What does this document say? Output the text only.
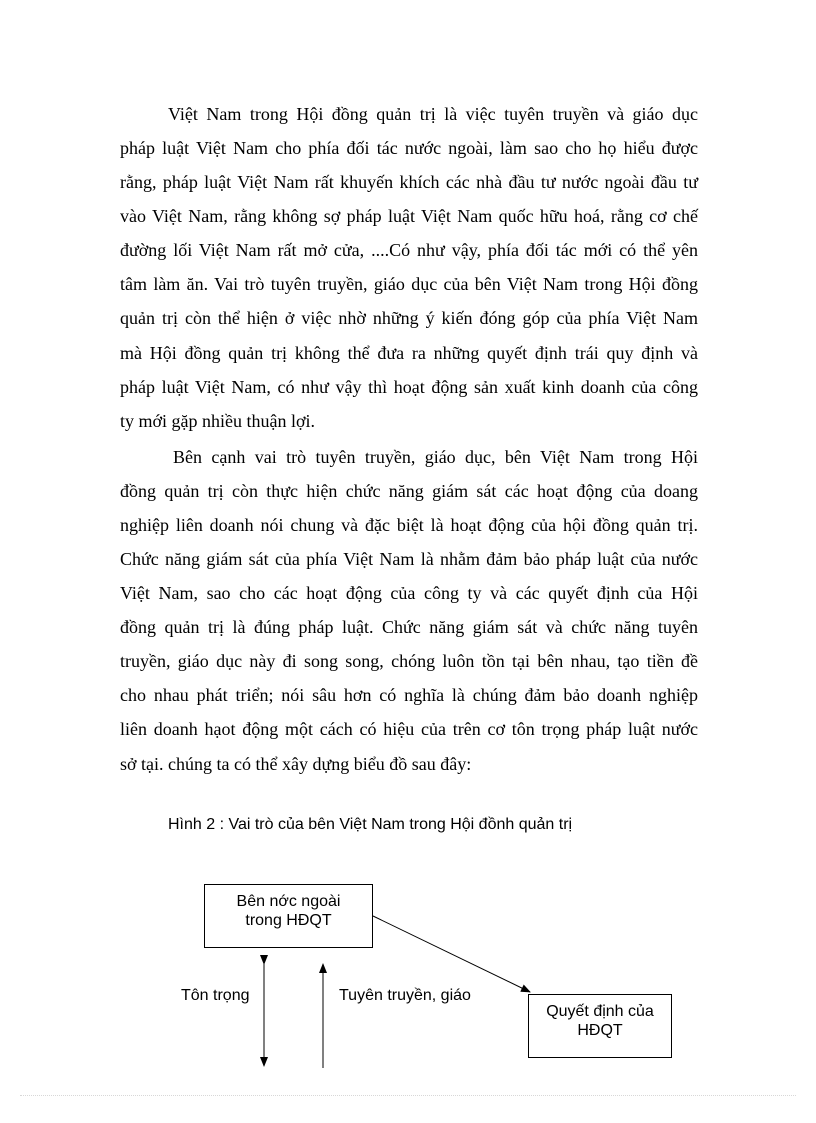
Việt Nam trong Hội đồng quản trị là việc tuyên truyền và giáo dục
pháp luật Việt Nam cho phía đối tác nước ngoài, làm sao cho họ hiểu được
rằng, pháp luật Việt Nam rất khuyến khích các nhà đầu tư nước ngoài đầu tư
vào Việt Nam, rằng không sợ pháp luật Việt Nam quốc hữu hoá, rằng cơ chế
đường lối Việt Nam rất mở cửa, ....Có như vậy, phía đối tác mới có thể yên
tâm làm ăn. Vai trò tuyên truyền, giáo dục của bên Việt Nam trong Hội đồng
quản trị còn thể hiện ở việc nhờ những ý kiến đóng góp của phía Việt Nam
mà Hội đồng quản trị không thể đưa ra những quyết định trái quy định và
pháp luật Việt Nam, có như vậy thì hoạt động sản xuất kinh doanh của công
ty mới gặp nhiều thuận lợi.
Bên cạnh vai trò tuyên truyền, giáo dục, bên Việt Nam trong Hội
đồng quản trị còn thực hiện chức năng giám sát các hoạt động của doang
nghiệp liên doanh nói chung và đặc biệt là hoạt động của hội đồng quản trị.
Chức năng giám sát của phía Việt Nam là nhằm đảm bảo pháp luật của nước
Việt Nam, sao cho các hoạt động của công ty và các quyết định của Hội
đồng quản trị là đúng pháp luật. Chức năng giám sát và chức năng tuyên
truyền, giáo dục này đi song song, chóng luôn tồn tại bên nhau, tạo tiền đề
cho nhau phát triển; nói sâu hơn có nghĩa là chúng đảm bảo doanh nghiệp
liên doanh hạot động một cách có hiệu của trên cơ tôn trọng pháp luật nước
sở tại. chúng ta có thể xây dựng biểu đồ sau đây:
Hình 2 : Vai trò của bên Việt Nam trong Hội đồnh quản trị
Bên nớc ngoài
trong HĐQT
Quyết định của
HĐQT
Tôn trọng	Tuyên truyền, giáo
